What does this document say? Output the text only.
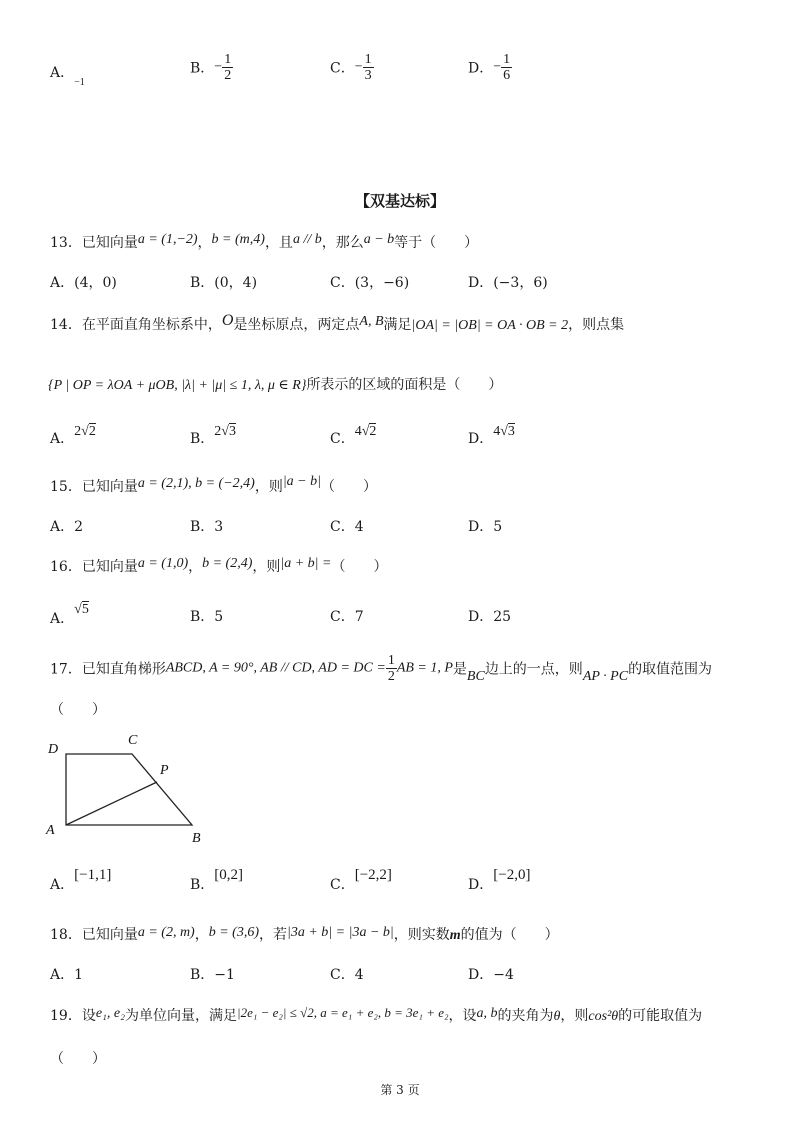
A．$_{-1}$
B．− $\frac{1}{2}$	C．− $\frac{1}{3}$	D．− $\frac{1}{6}$
【双基达标】
13．已知向量a = (1,−2)，b = (m,4)，且a // b，那么a − b等于（　　）
A．(4，0)	B．(0，4)	C．(3，−6)	D．(−3，6)
14．在平面直角坐标系中，O是坐标原点，两定点A, B满足|OA| = |OB| = OA · OB = 2，则点集
{P | OP = λOA + μOB, |λ| + |μ| ≤ 1, λ, μ ∈ R}所表示的区域的面积是（　　）
A．2√2	B．2√3	C．4√2	D．4√3
15．已知向量a = (2,1), b = (−2,4)，则|a − b|（　　）
A．2	B．3	C．4	D．5
16．已知向量a = (1,0)，b = (2,4)，则|a + b| =（　　）
A．√5	B．5	C．7	D．25
17．已知直角梯形ABCD, A = 90°, AB // CD, AD = DC = $\frac{1}{2}$ AB = 1, P是BC边上的一点，则AP · PC的取值范围为
（　　）
D
C
P
A
B
A．[−1,1]
B．[0,2]
C．[−2,2]
D．[−2,0]
18．已知向量a = (2, m)，b = (3,6)，若|3a + b| = |3a − b|，则实数m的值为（　　）
A．1	B．−1	C．4	D．−4
19．设e₁, e₂为单位向量，满足|2e₁ − e₂| ≤ √2, a = e₁ + e₂, b = 3e₁ + e₂，设a, b的夹角为θ，则cos²θ的可能取值为
（　　）
第 3 页
